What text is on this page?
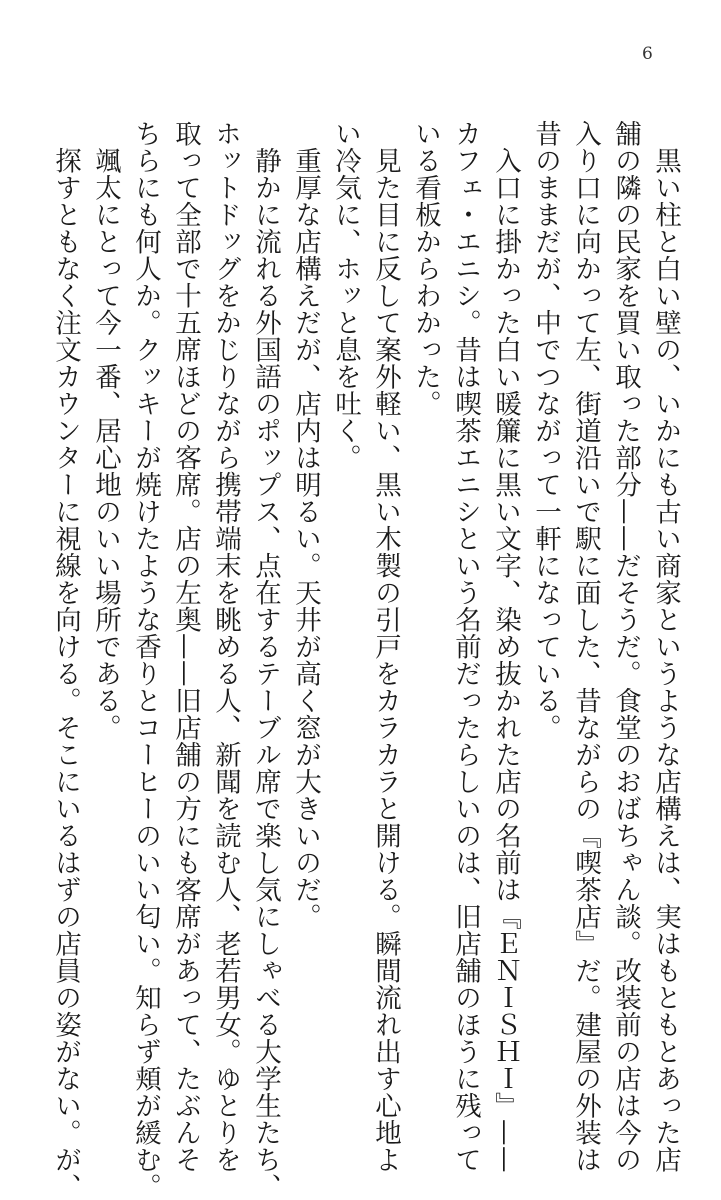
6
　黒い柱と白い壁の、いかにも古い商家というような店構えは、実はもともとあった店
舗の隣の民家を買い取った部分——だそうだ。食堂のおばちゃん談。改装前の店は今の
入り口に向かって左、街道沿いで駅に面した、昔ながらの『喫茶店』だ。建屋の外装は
昔のままだが、中でつながって一軒になっている。
　入口に掛かった白い暖簾に黒い文字、染め抜かれた店の名前は『ＥＮＩＳＨＩ』——
カフェ・エニシ。昔は喫茶エニシという名前だったらしいのは、旧店舗のほうに残って
いる看板からわかった。
　見た目に反して案外軽い、黒い木製の引戸をカラカラと開ける。瞬間流れ出す心地よ
い冷気に、ホッと息を吐く。
　重厚な店構えだが、店内は明るい。天井が高く窓が大きいのだ。
　静かに流れる外国語のポップス、点在するテーブル席で楽し気にしゃべる大学生たち、
ホットドッグをかじりながら携帯端末を眺める人、新聞を読む人、老若男女。ゆとりを
取って全部で十五席ほどの客席。店の左奥——旧店舗の方にも客席があって、たぶんそ
ちらにも何人か。クッキーが焼けたような香りとコーヒーのいい匂い。知らず頬が緩む。
　颯太にとって今一番、居心地のいい場所である。
　探すともなく注文カウンターに視線を向ける。そこにいるはずの店員の姿がない。が、
